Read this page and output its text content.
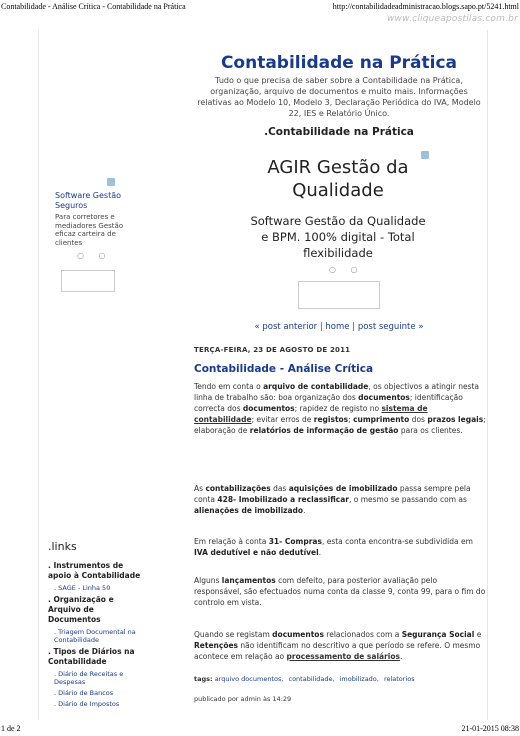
Contabilidade - Análise Crítica - Contabilidade na Prática	http://contabilidadeadministracao.blogs.sapo.pt/5241.html
www.cliqueapostilas.com.br
Contabilidade na Prática
Tudo o que precisa de saber sobre a Contabilidade na Prática, organização, arquivo de documentos e muito mais. Informações relativas ao Modelo 10, Modelo 3, Declaração Periódica do IVA, Modelo 22, IES e Relatório Único.
.Contabilidade na Prática
Software Gestão Seguros
Para corretores e mediadores Gestão eficaz carteira de clientes
○ ○
AGIR Gestão da Qualidade
Software Gestão da Qualidade e BPM. 100% digital - Total flexibilidade
○ ○
« post anterior | home | post seguinte »
TERÇA-FEIRA, 23 DE AGOSTO DE 2011
Contabilidade - Análise Crítica
Tendo em conta o arquivo de contabilidade, os objectivos a atingir nesta linha de trabalho são: boa organização dos documentos; identificação correcta dos documentos; rapidez de registo no sistema de contabilidade; evitar erros de registos; cumprimento dos prazos legais; elaboração de relatórios de informação de gestão para os clientes.
As contabilizações das aquisições de imobilizado passa sempre pela conta 428- Imobilizado a reclassificar, o mesmo se passando com as alienações de imobilizado.
Em relação à conta 31- Compras, esta conta encontra-se subdividida em IVA dedutível e não dedutível.
Alguns lançamentos com defeito, para posterior avaliação pelo responsável, são efectuados numa conta da classe 9, conta 99, para o fim do controlo em vista.
Quando se registam documentos relacionados com a Segurança Social e Retenções não identificam no descritivo a que período se refere. O mesmo acontece em relação ao processamento de salários.
tags: arquivo documentos, contabilidade, imobilizado, relatorios
publicado por admin às 14:29
.links
. Instrumentos de apoio à Contabilidade
. SAGE - Linha 50
. Organização e Arquivo de Documentos
. Triagem Documental na Contabilidade
. Tipos de Diários na Contabilidade
. Diário de Receitas e Despesas
. Diário de Bancos
. Diário de Impostos
1 de 2	21-01-2015 08:38
